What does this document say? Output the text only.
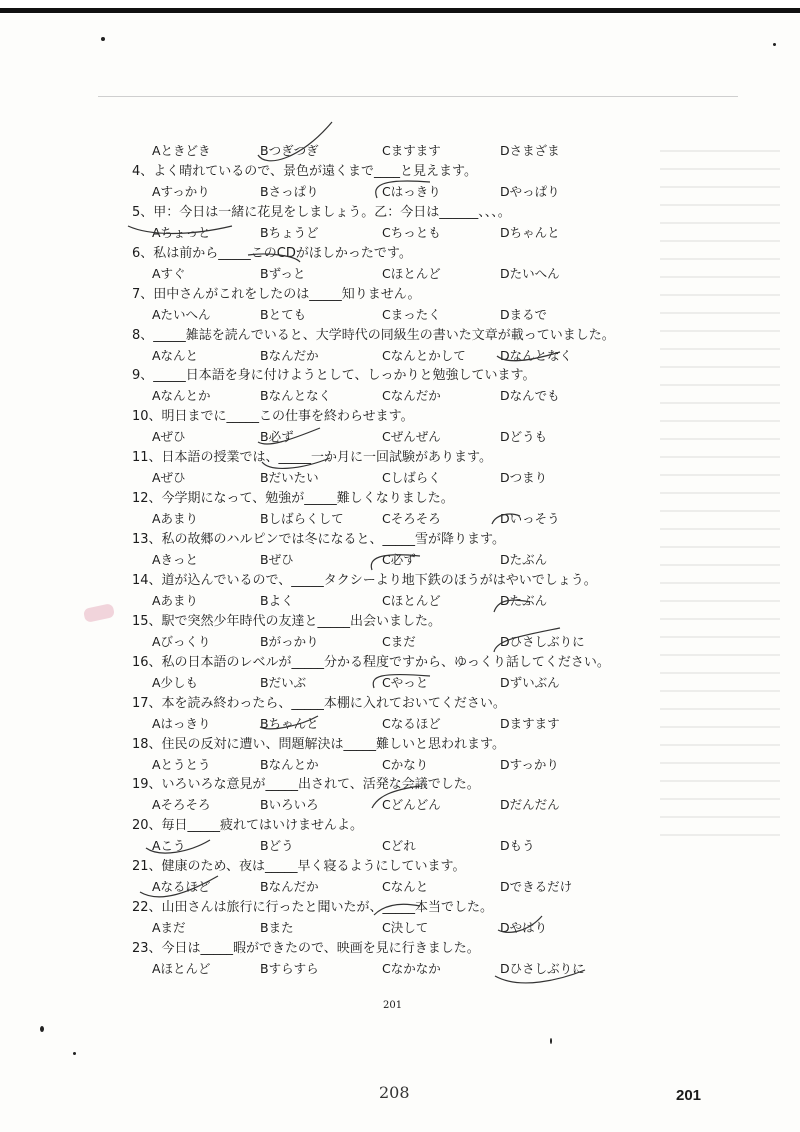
Aときどき	Bつぎつぎ	Cますます	Dさまざま
4、よく晴れているので、景色が遠くまで____と見えます。
Aすっかり	Bさっぱり	Cはっきり	Dやっぱり
5、甲：今日は一緒に花見をしましょう。乙：今日は______、、、。
Aちょっと	Bちょうど	Cちっとも	Dちゃんと
6、私は前から_____このCDがほしかったです。
Aすぐ	Bずっと	Cほとんど	Dたいへん
7、田中さんがこれをしたのは_____知りません。
Aたいへん	Bとても	Cまったく	Dまるで
8、_____雑誌を読んでいると、大学時代の同級生の書いた文章が載っていました。
Aなんと	Bなんだか	Cなんとかして	Dなんとなく
9、_____日本語を身に付けようとして、しっかりと勉強しています。
Aなんとか	Bなんとなく	Cなんだか	Dなんでも
10、明日までに_____この仕事を終わらせます。
Aぜひ	B必ず	Cぜんぜん	Dどうも
11、日本語の授業では、_____一か月に一回試験があります。
Aぜひ	Bだいたい	Cしばらく	Dつまり
12、今学期になって、勉強が_____難しくなりました。
Aあまり	Bしばらくして	Cそろそろ	Dいっそう
13、私の故郷のハルピンでは冬になると、_____雪が降ります。
Aきっと	Bぜひ	C必ず	Dたぶん
14、道が込んでいるので、_____タクシーより地下鉄のほうがはやいでしょう。
Aあまり	Bよく	Cほとんど	Dたぶん
15、駅で突然少年時代の友達と_____出会いました。
Aびっくり	Bがっかり	Cまだ	Dひさしぶりに
16、私の日本語のレベルが_____分かる程度ですから、ゆっくり話してください。
A少しも	Bだいぶ	Cやっと	Dずいぶん
17、本を読み終わったら、_____本棚に入れておいてください。
Aはっきり	Bちゃんと	Cなるほど	Dますます
18、住民の反対に遭い、問題解決は_____難しいと思われます。
Aとうとう	Bなんとか	Cかなり	Dすっかり
19、いろいろな意見が_____出されて、活発な会議でした。
Aそろそろ	Bいろいろ	Cどんどん	Dだんだん
20、毎日_____疲れてはいけませんよ。
Aこう	Bどう	Cどれ	Dもう
21、健康のため、夜は_____早く寝るようにしています。
Aなるほど	Bなんだか	Cなんと	Dできるだけ
22、山田さんは旅行に行ったと聞いたが、_____本当でした。
Aまだ	Bまた	C決して	Dやはり
23、今日は_____暇ができたので、映画を見に行きました。
Aほとんど	Bすらすら	Cなかなか	Dひさしぶりに
201
208	201
